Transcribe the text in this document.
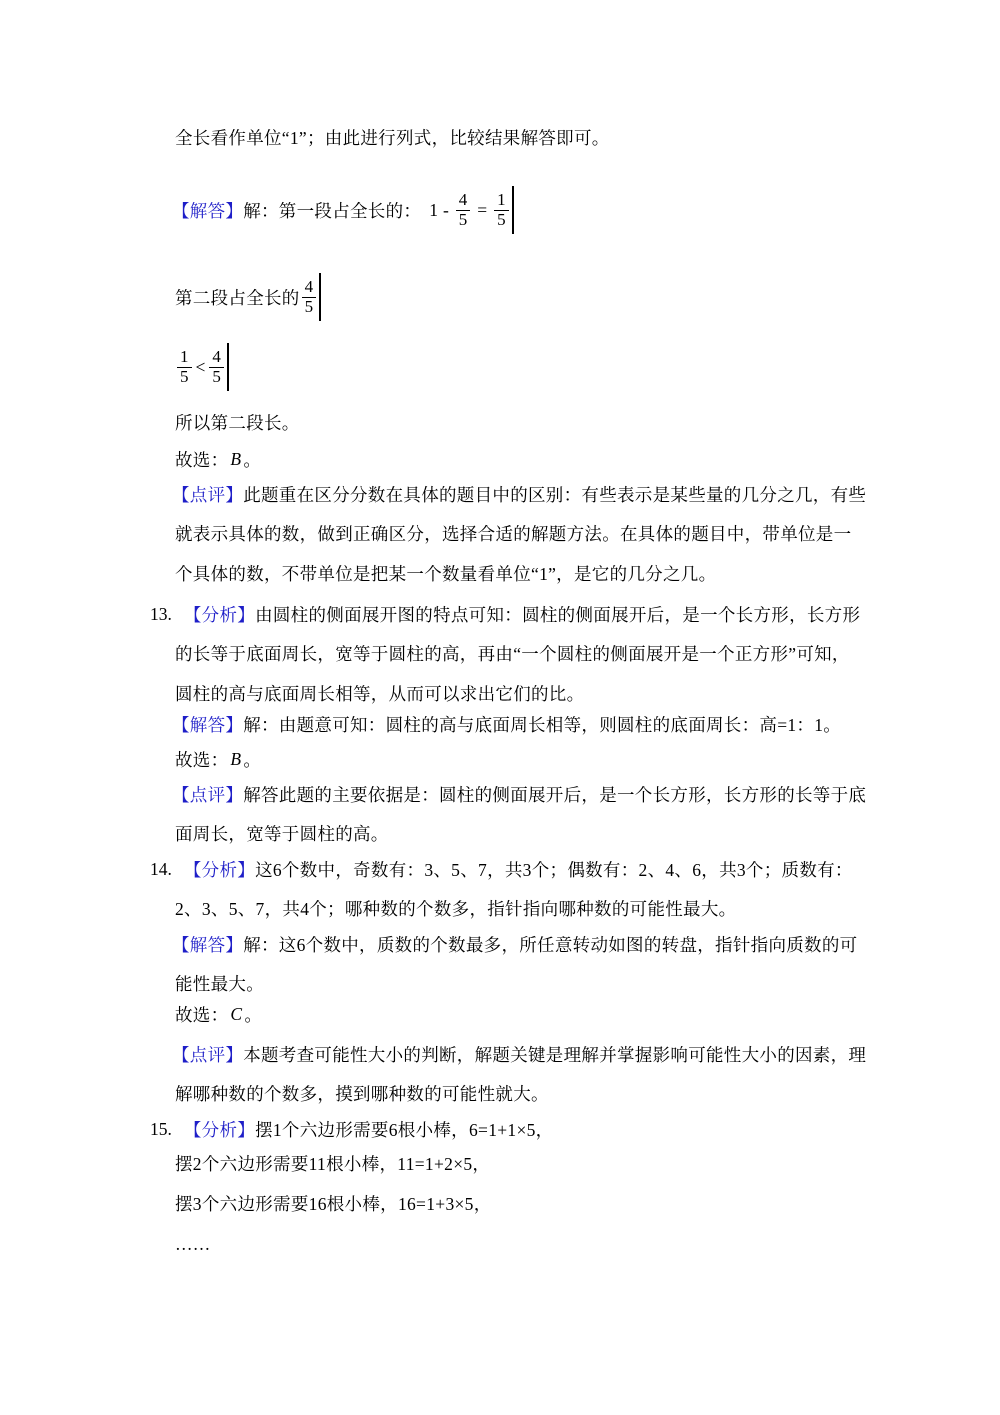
全长看作单位“1”；由此进行列式，比较结果解答即可。
【解答】 解：第一段占全长的： $1 - \frac{4}{5} = \frac{1}{5}$
第二段占全长的 $\frac{4}{5}$
$\frac{1}{5} < \frac{4}{5}$
所以第二段长。
故选： B 。
【点评】 此题重在区分分数在具体的题目中的区别：有些表示是某些量的几分之几，有些
就表示具体的数，做到正确区分，选择合适的解题方法。在具体的题目中，带单位是一
个具体的数，不带单位是把某一个数量看单位“1”，是它的几分之几。
13. 【分析】 由圆柱的侧面展开图的特点可知：圆柱的侧面展开后，是一个长方形，长方形
的长等于底面周长，宽等于圆柱的高，再由“一个圆柱的侧面展开是一个正方形”可知，
圆柱的高与底面周长相等，从而可以求出它们的比。
【解答】 解：由题意可知：圆柱的高与底面周长相等，则圆柱的底面周长：高=1：1。
故选： B 。
【点评】 解答此题的主要依据是：圆柱的侧面展开后，是一个长方形，长方形的长等于底
面周长，宽等于圆柱的高。
14. 【分析】 这6个数中，奇数有：3、5、7，共3个；偶数有：2、4、6，共3个；质数有：
2、3、5、7，共4个；哪种数的个数多，指针指向哪种数的可能性最大。
【解答】 解：这6个数中，质数的个数最多，所任意转动如图的转盘，指针指向质数的可
能性最大。
故选： C 。
【点评】 本题考查可能性大小的判断，解题关键是理解并掌握影响可能性大小的因素，理
解哪种数的个数多，摸到哪种数的可能性就大。
15. 【分析】 摆1个六边形需要6根小棒，6=1+1×5，
摆2个六边形需要11根小棒，11=1+2×5，
摆3个六边形需要16根小棒，16=1+3×5，
……
